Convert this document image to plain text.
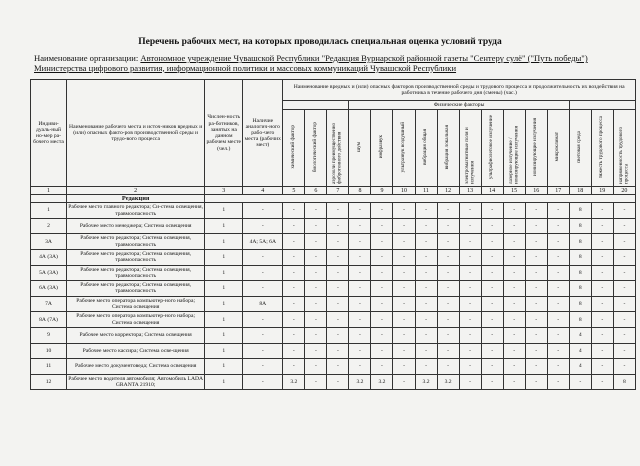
Перечень рабочих мест, на которых проводилась специальная оценка условий труда
Наименование организации: Автономное учреждение Чувашской Республики "Редакция Вурнарской районной газеты "Сентерү сулё" ("Путь победы") Министерства цифрового развития, информационной политики и массовых коммуникаций Чувашской Республики
Индиви-дуаль-ный но-мер ра-бочего места	Наименование рабочего места и источ-ников вредных и (или) опасных факто-ров производственной среды и трудо-вого процесса	Числен-ность ра-ботников, занятых на данном рабочем месте (чел.)	Наличие аналогич-ного рабо-чего места (рабочих мест)	Наименование вредных и (или) опасных факторов производственной среды и трудового процесса и продолжительность их воздействия на работника в течение рабочего дня (смены) (час.)															
							Физические факторы												
				химический фактор	биологический фактор	аэрозоли преимущественно фиброгенного действия	шум	инфразвук	ультразвук воздушный	вибрация общая	вибрация локальная	электромагнитные поля и излучения	ультрафиолетовое излучение	лазерное излучение / ионизирующие излучения	ионизирующие излучения	микроклимат	световая среда	тяжесть трудового процесса	напряженность трудового процесса
1	2	3	4	5	6	7	8	9	10	11	12	13	14	15	16	17	18	19	20
	Редакция																		
1	Рабочее место главного редактора; Си-стема освещения, травмоопасность	1	-	-	-	-	-	-	-	-	-	-	-	-	-	-	8	-	-
2	Рабочее место менеджера; Система освещения	1	-	-	-	-	-	-	-	-	-	-	-	-	-	-	8	-	-
3А	Рабочее место редактора; Система освещения, травмоопасность	1	4А; 5А; 6А	-	-	-	-	-	-	-	-	-	-	-	-	-	8	-	-
4А (3А)	Рабочее место редактора; Система освещения, травмоопасность	1	-	-	-	-	-	-	-	-	-	-	-	-	-	-	8	-	-
5А (3А)	Рабочее место редактора; Система освещения, травмоопасность	1	-	-	-	-	-	-	-	-	-	-	-	-	-	-	8	-	-
6А (3А)	Рабочее место редактора; Система освещения, травмоопасность	1	-	-	-	-	-	-	-	-	-	-	-	-	-	-	8	-	-
7А	Рабочее место оператора компьютер-ного набора; Система освещения	1	8А	-	-	-	-	-	-	-	-	-	-	-	-	-	8	-	-
8А (7А)	Рабочее место оператора компьютер-ного набора; Система освещения	1	-	-	-	-	-	-	-	-	-	-	-	-	-	-	8	-	-
9	Рабочее место корректора; Система освещения	1	-	-	-	-	-	-	-	-	-	-	-	-	-	-	4	-	-
10	Рабочее место кассира; Система осве-щения	1	-	-	-	-	-	-	-	-	-	-	-	-	-	-	4	-	-
11	Рабочее место документоведа; Система освещения	1	-	-	-	-	-	-	-	-	-	-	-	-	-	-	4	-	-
12	Рабочее место водителя автомобиля; Автомобиль LADA GRANTA 21910;	1	-	3.2	-	-	3.2	3.2	-	3.2	3.2	-	-	-	-	-	-	-	8
